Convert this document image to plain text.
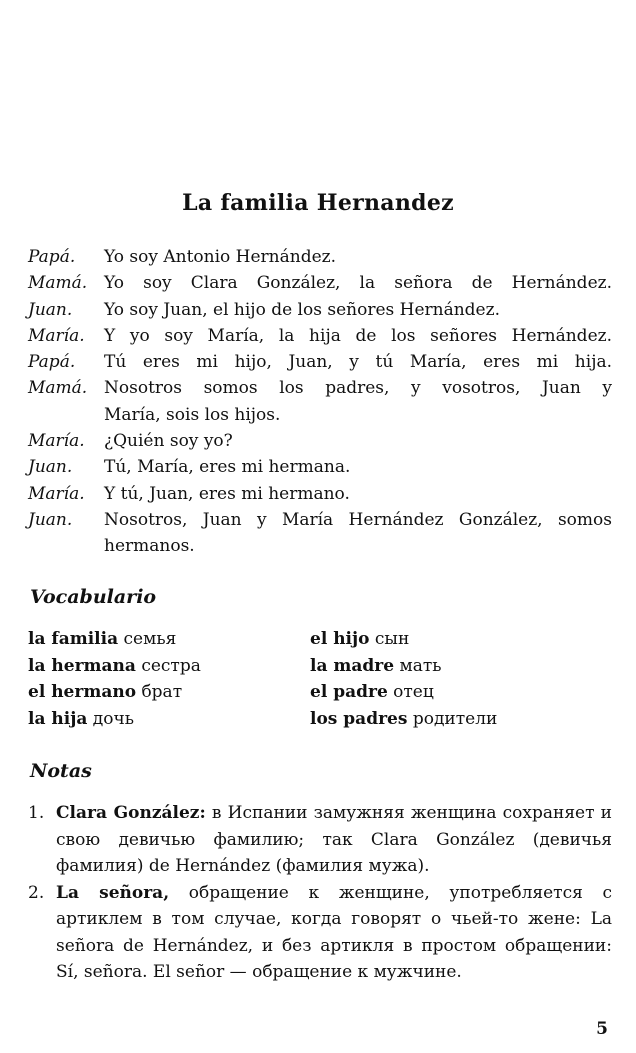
La familia Hernandez
Papá.	Yo soy Antonio Hernández.
Mamá. Yo soy Clara González, la señora de Hernández.
Juan.	Yo soy Juan, el hijo de los señores Hernández.
María.	Y yo soy María, la hija de los señores Hernández.
Papá.	Tú eres mi hijo, Juan, y tú María, eres mi hija.
Mamá. Nosotros somos los padres, y vosotros, Juan y
María, sois los hijos.
María.	¿Quién soy yo?
Juan.	Tú, María, eres mi hermana.
María.	Y tú, Juan, eres mi hermano.
Juan.	Nosotros, Juan y María Hernández González, somos
hermanos.
Vocabulario
la familia семья	el hijo сын
la hermana сестра	la madre мать
el hermano брат	el padre отец
la hija дочь	los padres родители
Notas
1. Clara González: в Испании замужняя женщина сохраняет и свою девичью фамилию; так Clara González (девичья фамилия) de Hernández (фамилия мужа).
2. La señora, обращение к женщине, употребляется с артиклем в том случае, когда говорят о чьей-то жене: La señora de Hernández, и без артикля в простом обращении: Sí, señora. El señor — обращение к мужчине.
5
